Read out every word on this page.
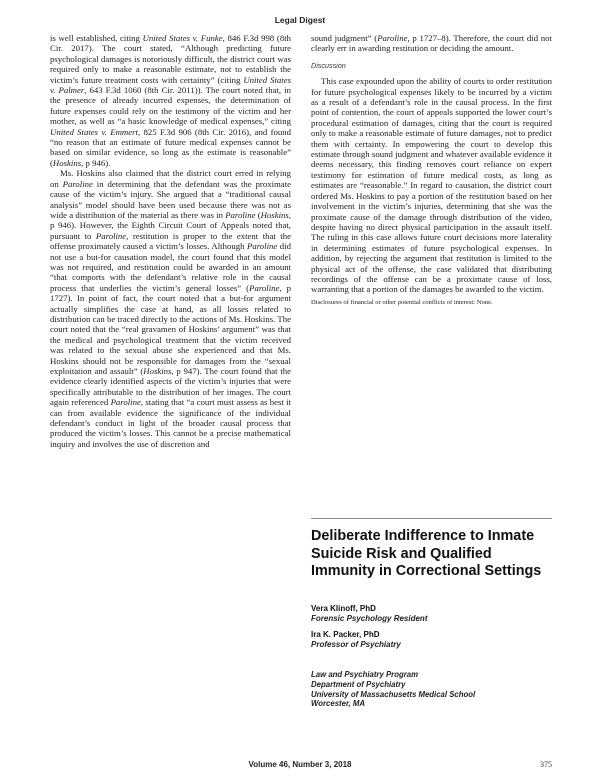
Legal Digest

is well established, citing United States v. Funke, 846 F.3d 998 (8th Cir. 2017). The court stated, “Although predicting future psychological damages is notoriously difficult, the district court was required only to make a reasonable estimate, not to establish the victim’s future treatment costs with certainty” (citing United States v. Palmer, 643 F.3d 1060 (8th Cir. 2011)). The court noted that, in the presence of already incurred expenses, the determination of future expenses could rely on the testimony of the victim and her mother, as well as “a basic knowledge of medical expenses,” citing United States v. Emmert, 825 F.3d 906 (8th Cir. 2016), and found “no reason that an estimate of future medical expenses cannot be based on similar evidence, so long as the estimate is reasonable” (Hoskins, p 946).

Ms. Hoskins also claimed that the district court erred in relying on Paroline in determining that the defendant was the proximate cause of the victim’s injury. She argued that a “traditional causal analysis” model should have been used because there was not as wide a distribution of the material as there was in Paroline (Hoskins, p 946). However, the Eighth Circuit Court of Appeals noted that, pursuant to Paroline, restitution is proper to the extent that the offense proximately caused a victim’s losses. Although Paroline did not use a but-for causation model, the court found that this model was not required, and restitution could be awarded in an amount “that comports with the defendant’s relative role in the causal process that underlies the victim’s general losses” (Paroline, p 1727). In point of fact, the court noted that a but-for argument actually simplifies the case at hand, as all losses related to distribution can be traced directly to the actions of Ms. Hoskins. The court noted that the “real gravamen of Hoskins’ argument” was that the medical and psychological treatment that the victim received was related to the sexual abuse she experienced and that Ms. Hoskins should not be responsible for damages from the “sexual exploitation and assault” (Hoskins, p 947). The court found that the evidence clearly identified aspects of the victim’s injuries that were specifically attributable to the distribution of her images. The court again referenced Paroline, stating that “a court must assess as best it can from available evidence the significance of the individual defendant’s conduct in light of the broader causal process that produced the victim’s losses. This cannot be a precise mathematical inquiry and involves the use of discretion and

sound judgment” (Paroline, p 1727–8). Therefore, the court did not clearly err in awarding restitution or deciding the amount.

Discussion

This case expounded upon the ability of courts to order restitution for future psychological expenses likely to be incurred by a victim as a result of a defendant’s role in the causal process. In the first point of contention, the court of appeals supported the lower court’s procedural estimation of damages, citing that the court is required only to make a reasonable estimate of future damages, not to predict them with certainty. In empowering the court to develop this estimate through sound judgment and whatever available evidence it deems necessary, this finding removes court reliance on expert testimony for estimation of future medical costs, as long as estimates are “reasonable.” In regard to causation, the district court ordered Ms. Hoskins to pay a portion of the restitution based on her involvement in the victim’s injuries, determining that she was the proximate cause of the damage through distribution of the video, despite having no direct physical participation in the assault itself. The ruling in this case allows future court decisions more laterality in determining estimates of future psychological expenses. In addition, by rejecting the argument that restitution is limited to the physical act of the offense, the case validated that distributing recordings of the offense can be a proximate cause of loss, warranting that a portion of the damages be awarded to the victim.

Disclosures of financial or other potential conflicts of interest: None.

Deliberate Indifference to Inmate Suicide Risk and Qualified Immunity in Correctional Settings
Vera Klinoff, PhD
Forensic Psychology Resident
Ira K. Packer, PhD
Professor of Psychiatry
Law and Psychiatry Program
Department of Psychiatry
University of Massachusetts Medical School
Worcester, MA
Volume 46, Number 3, 2018	375
